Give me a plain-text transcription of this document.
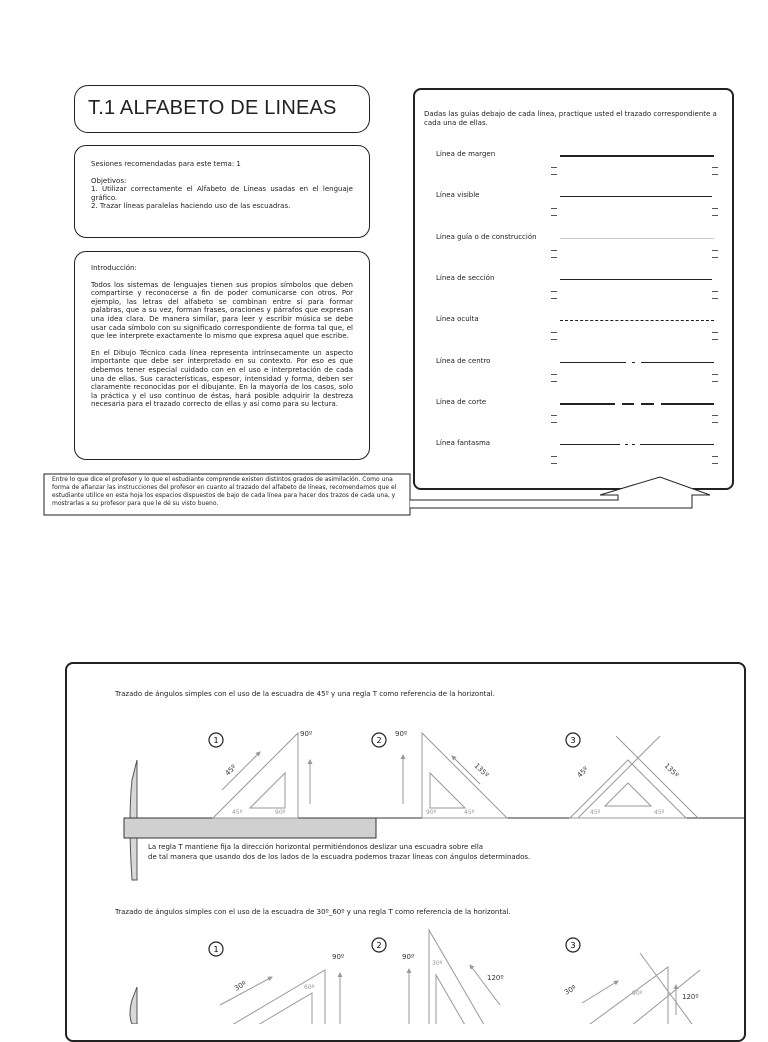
T.1 ALFABETO DE LINEAS
Sesiones recomendadas para este tema: 1
Objetivos:
1. Utilizar correctamente el Alfabeto de Líneas usadas en el lenguaje gráfico.
2. Trazar líneas paralelas haciendo uso de las escuadras.

Introducción:

Todos los sistemas de lenguajes tienen sus propios símbolos que deben compartirse y reconocerse a fin de poder comunicarse con otros. Por ejemplo, las letras del alfabeto se combinan entre sí para formar palabras, que a su vez, forman frases, oraciones y párrafos que expresan una idea clara. De manera similar, para leer y escribir música se debe usar cada símbolo con su significado correspondiente de forma tal que, el que lee interprete exactamente lo mismo que expresa aquel que escribe.

En el Dibujo Técnico cada línea representa intrínsecamente un aspecto importante que debe ser interpretado en su contexto. Por eso es que debemos tener especial cuidado con en el uso e interpretación de cada una de ellas. Sus características, espesor, intensidad y forma, deben ser claramente reconocidas por el dibujante. En la mayoría de los casos, solo la práctica y el uso continuo de éstas, hará posible adquirir la destreza necesaria para el trazado correcto de ellas y así como para su lectura.

Dadas las guías debajo de cada línea, practique usted el trazado correspondiente a cada una de ellas.
Línea de margen
Línea visible
Línea guía o de construcción
Línea de sección
Línea oculta
Línea de centro
Línea de corte
Línea fantasma
Entre lo que dice el profesor y lo que el estudiante comprende existen distintos grados de asimilación. Como una forma de afianzar las instrucciones del profesor en cuanto al trazado del alfabeto de líneas, recomendamos que el estudiante utilice en esta hoja los espacios dispuestos de bajo de cada línea para hacer dos trazos de cada una, y mostrarlas a su profesor para que le dé su visto bueno.
Trazado de ángulos simples con el uso de la escuadra de 45º y una regla T como referencia de la horizontal.
1
45º
90º
45º	90º
2
90º
135º
90º	45º
3
45º	135º
45º	45º
La regla T mantiene fija la dirección horizontal permitiéndonos deslizar una escuadra sobre ella
de tal manera que usando dos de los lados de la escuadra podemos trazar líneas con ángulos determinados.
Trazado de ángulos simples con el uso de la escuadra de 30º_60º y una regla T como referencia de la horizontal.
1
30º
90º
60º
2
90º
30º
120º
3
30º	90º	120º
